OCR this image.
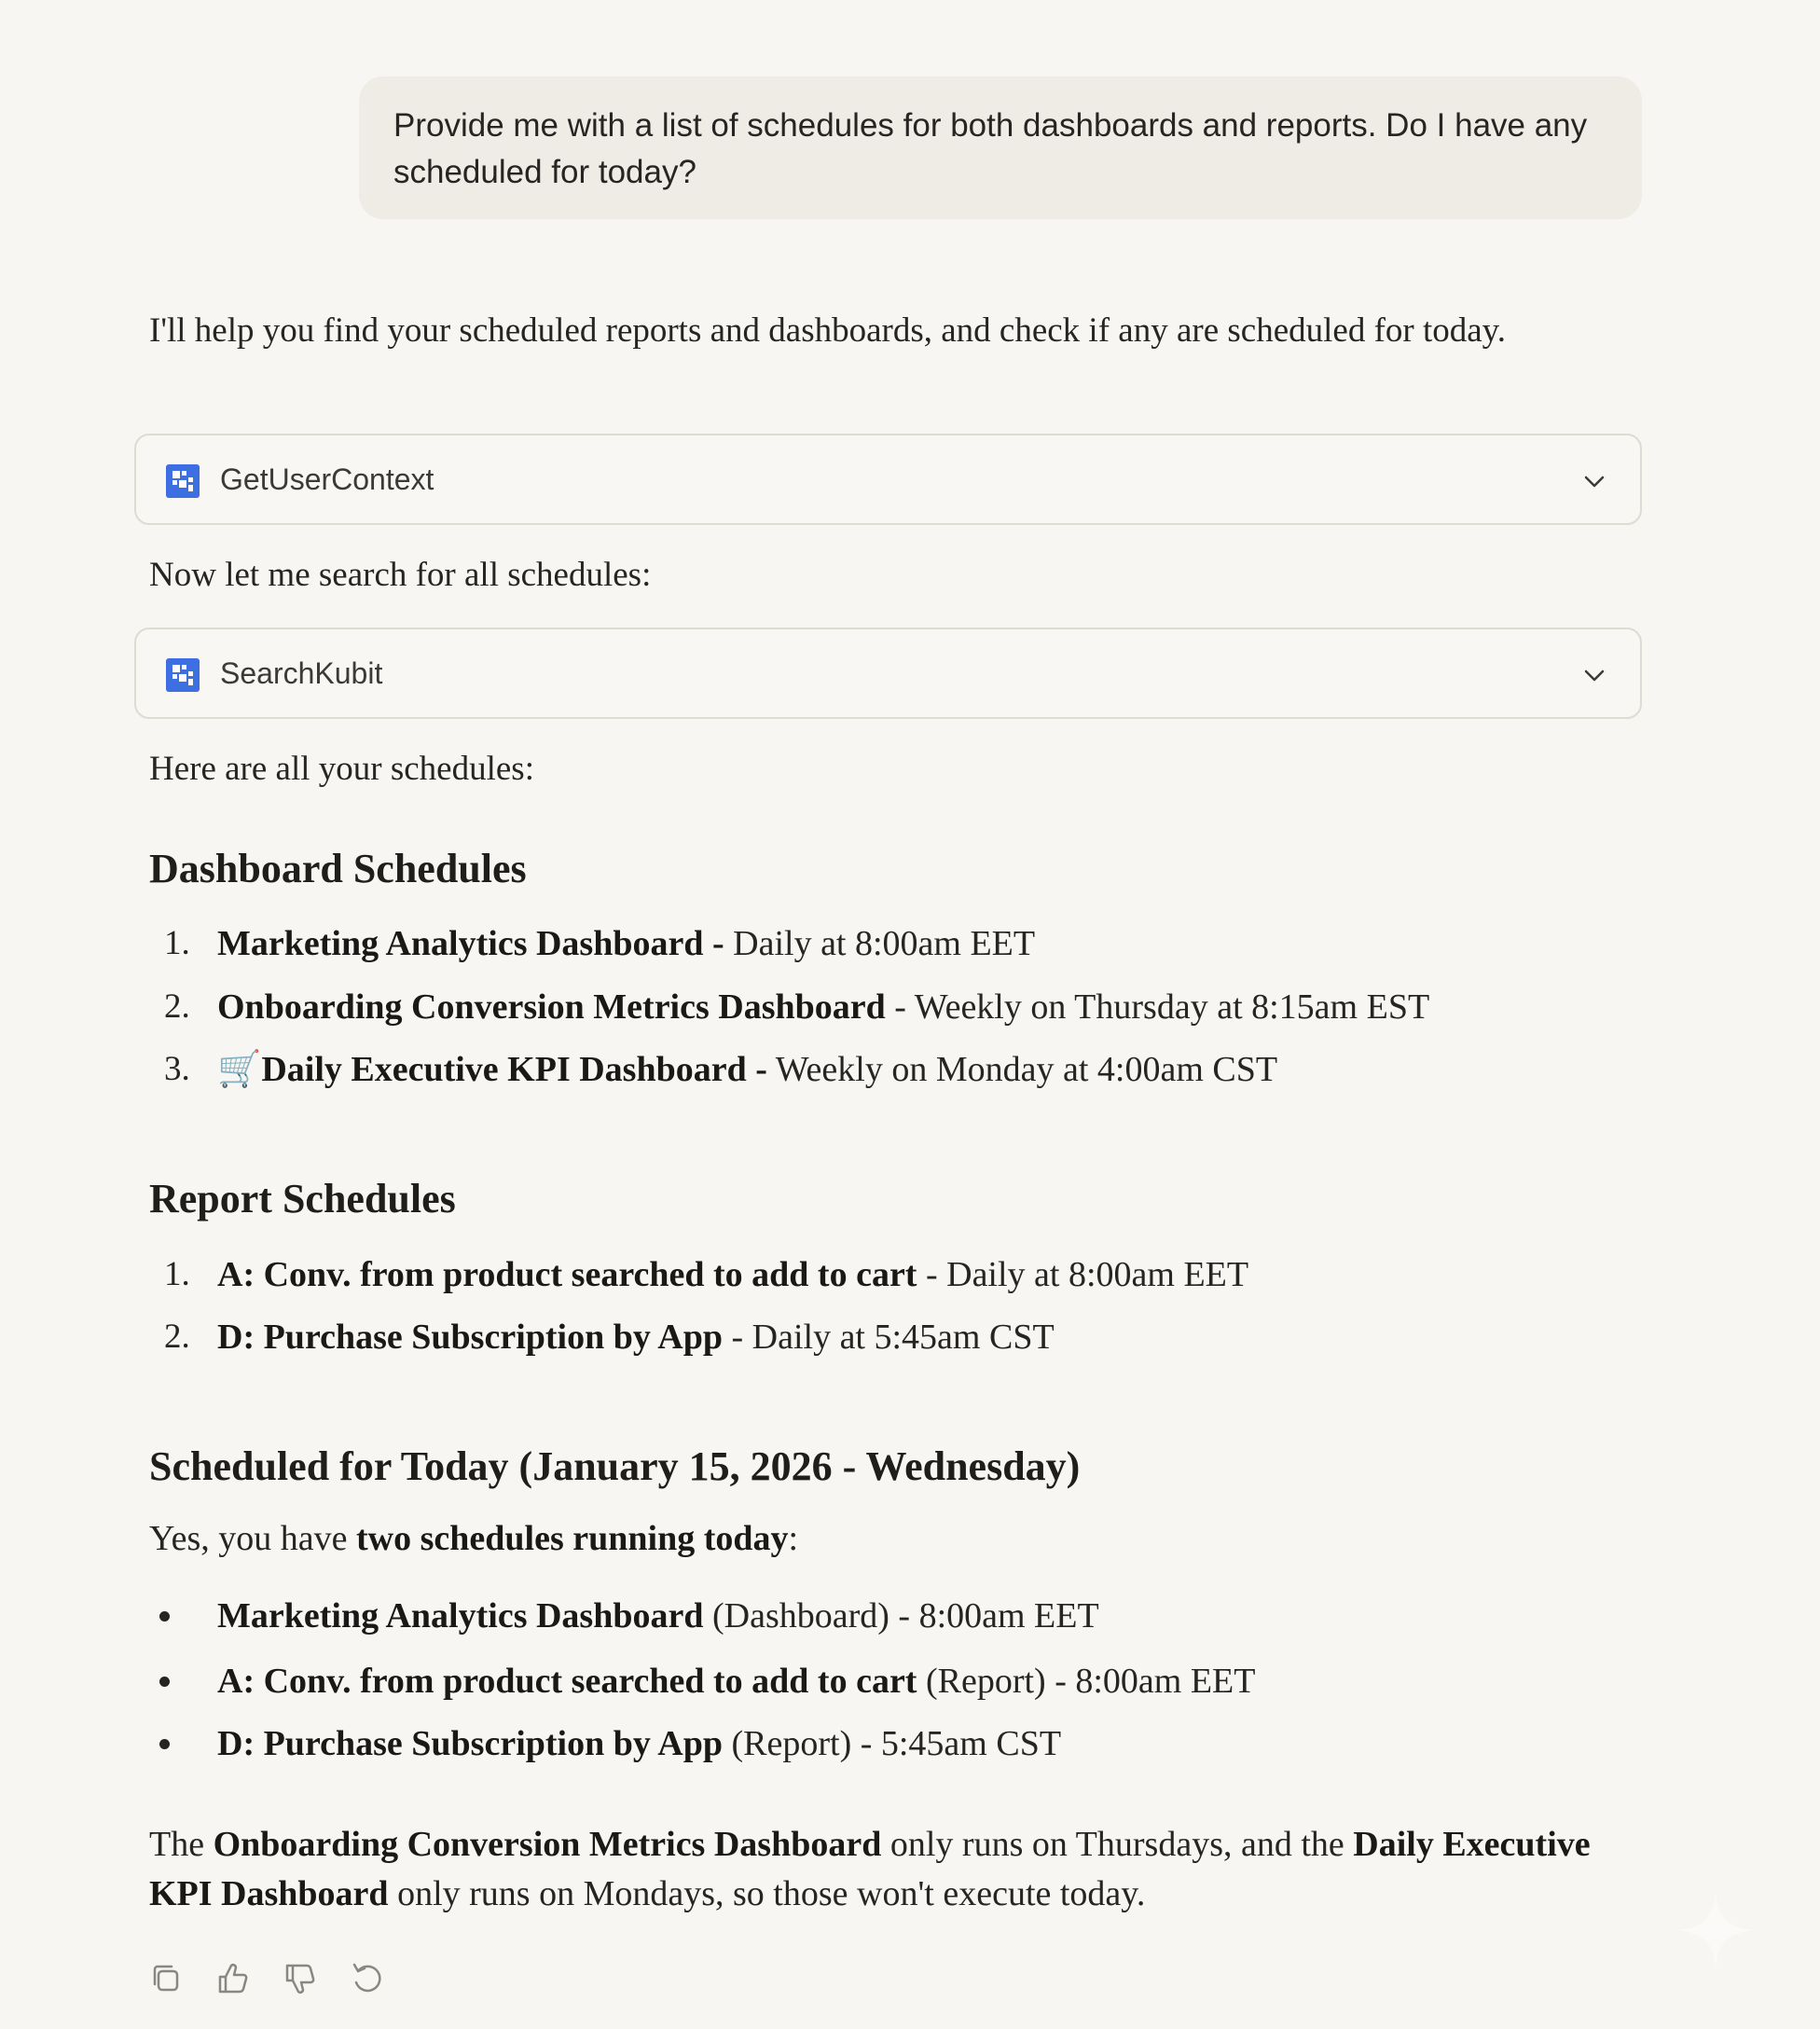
Provide me with a list of schedules for both dashboards and reports. Do I have any scheduled for today?
I'll help you find your scheduled reports and dashboards, and check if any are scheduled for today.
GetUserContext
Now let me search for all schedules:
SearchKubit
Here are all your schedules:
Dashboard Schedules
1. Marketing Analytics Dashboard - Daily at 8:00am EET
2. Onboarding Conversion Metrics Dashboard - Weekly on Thursday at 8:15am EST
3. 🛒Daily Executive KPI Dashboard - Weekly on Monday at 4:00am CST
Report Schedules
1. A: Conv. from product searched to add to cart - Daily at 8:00am EET
2. D: Purchase Subscription by App - Daily at 5:45am CST
Scheduled for Today (January 15, 2026 - Wednesday)
Yes, you have two schedules running today:
Marketing Analytics Dashboard (Dashboard) - 8:00am EET
A: Conv. from product searched to add to cart (Report) - 8:00am EET
D: Purchase Subscription by App (Report) - 5:45am CST
The Onboarding Conversion Metrics Dashboard only runs on Thursdays, and the Daily Executive KPI Dashboard only runs on Mondays, so those won't execute today.
